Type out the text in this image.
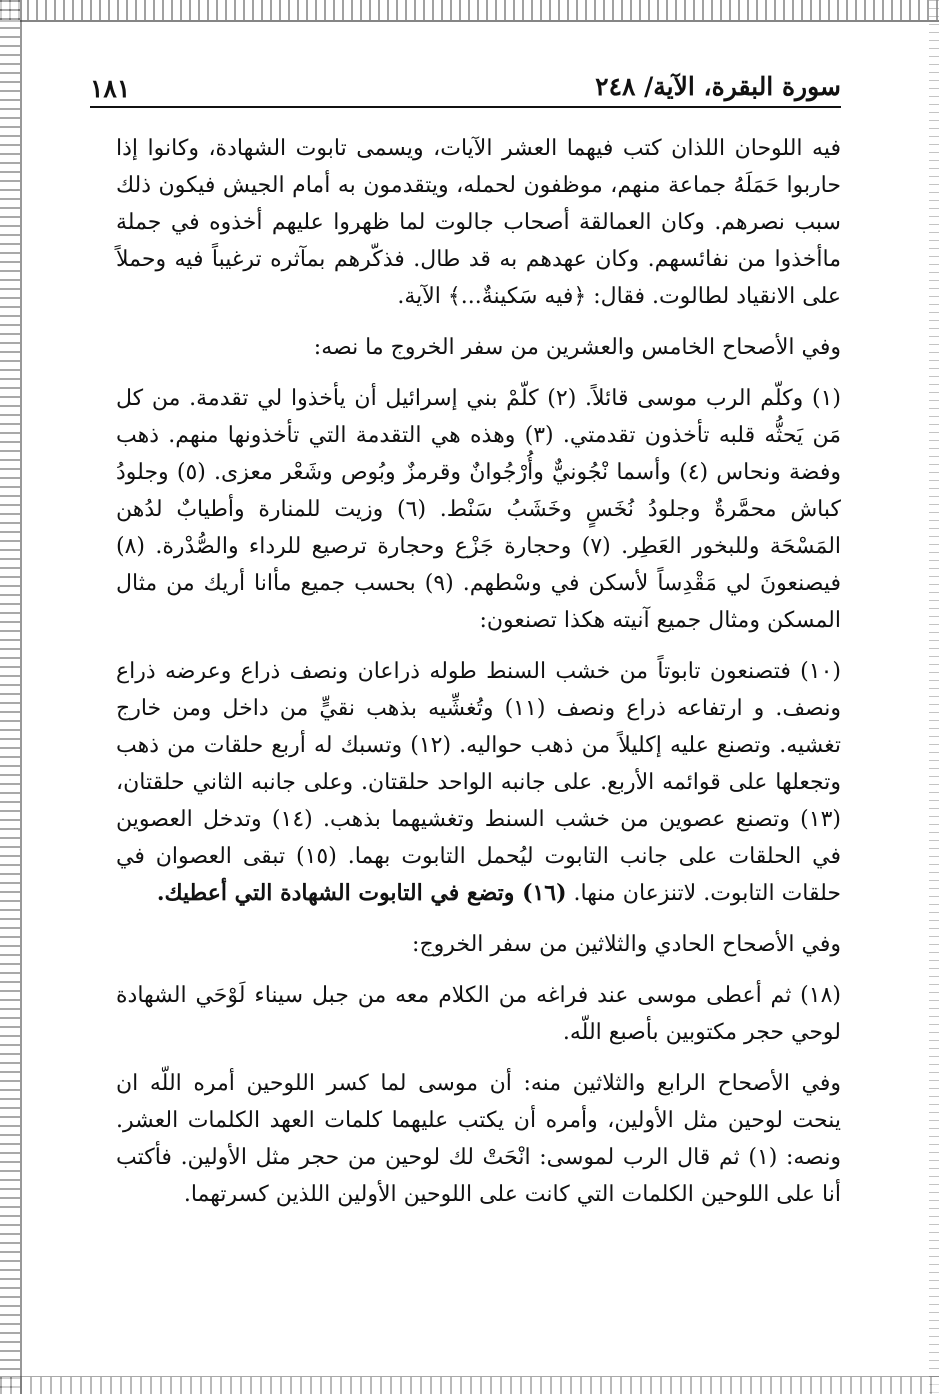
سورة البقرة، الآية/ ٢٤٨
١٨١

فيه اللوحان اللذان كتب فيهما العشر الآيات، ويسمى تابوت الشهادة، وكانوا إذا حاربوا حَمَلَهُ جماعة منهم، موظفون لحمله، ويتقدمون به أمام الجيش فيكون ذلك سبب نصرهم. وكان العمالقة أصحاب جالوت لما ظهروا عليهم أخذوه في جملة ماأخذوا من نفائسهم. وكان عهدهم به قد طال. فذكّرهم بمآثره ترغيباً فيه وحملاً على الانقياد لطالوت. فقال: ﴿فيه سَكينةٌ...﴾ الآية.

وفي الأصحاح الخامس والعشرين من سفر الخروج ما نصه:

(١) وكلّم الرب موسى قائلاً. (٢) كلّمْ بني إسرائيل أن يأخذوا لي تقدمة. من كل مَن يَحثُّه قلبه تأخذون تقدمتي. (٣) وهذه هي التقدمة التي تأخذونها منهم. ذهب وفضة ونحاس (٤) وأسما نْجُونيٌّ وأُرْجُوانٌ وقرمزٌ وبُوص وشَعْر معزى. (٥) وجلودُ كباش محمَّرةٌ وجلودُ نُخَسٍ وخَشَبُ سَنْط. (٦) وزيت للمنارة وأطيابٌ لدُهن المَسْحَة وللبخور العَطِر. (٧) وحجارة جَزْع وحجارة ترصيع للرداء والصُّدْرة. (٨) فيصنعونَ لي مَقْدِساً لأسكن في وسْطهم. (٩) بحسب جميع مأانا أريك من مثال المسكن ومثال جميع آنيته هكذا تصنعون:

(١٠) فتصنعون تابوتاً من خشب السنط طوله ذراعان ونصف ذراع وعرضه ذراع ونصف. و ارتفاعه ذراع ونصف (١١) وتُغشِّيه بذهب نقيٍّ من داخل ومن خارج تغشيه. وتصنع عليه إكليلاً من ذهب حواليه. (١٢) وتسبك له أربع حلقات من ذهب وتجعلها على قوائمه الأربع. على جانبه الواحد حلقتان. وعلى جانبه الثاني حلقتان، (١٣) وتصنع عصوين من خشب السنط وتغشيهما بذهب. (١٤) وتدخل العصوين في الحلقات على جانب التابوت ليُحمل التابوت بهما. (١٥) تبقى العصوان في حلقات التابوت. لاتنزعان منها. (١٦) وتضع في التابوت الشهادة التي أعطيك.

وفي الأصحاح الحادي والثلاثين من سفر الخروج:

(١٨) ثم أعطى موسى عند فراغه من الكلام معه من جبل سيناء لَوْحَي الشهادة لوحي حجر مكتوبين بأصبع اللّه.

وفي الأصحاح الرابع والثلاثين منه: أن موسى لما كسر اللوحين أمره اللّه ان ينحت لوحين مثل الأولين، وأمره أن يكتب عليهما كلمات العهد الكلمات العشر. ونصه: (١) ثم قال الرب لموسى: انْحَتْ لك لوحين من حجر مثل الأولين. فأكتب أنا على اللوحين الكلمات التي كانت على اللوحين الأولين اللذين كسرتهما.
